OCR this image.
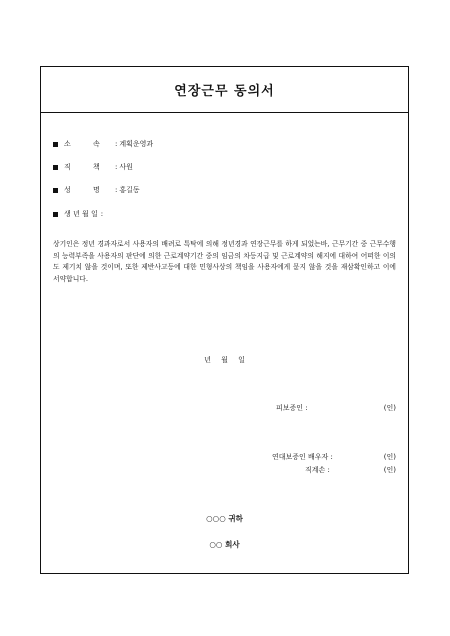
연장근무 동의서
소          속	: 계획운영과
직          책	: 사원
성          명	: 홍길동
생 년 월 일 :
상기인은 정년 경과자로서 사용자의 배려로 특탁에 의해 정년경과 연장근무를 하게 되었는바, 근무기간 중 근무수행의 능력부족을 사용자의 판단에 의한 근로계약기간 중의 임금의 차등지급 및 근로계약의 해지에 대하여 어떠한 이의도 제기치 않을 것이며, 또한 제반사고등에 대한 민형사상의 책임을 사용자에게 묻지 않을 것을 재삼확인하고 이에 서약합니다.
년 월 일
피보증인 :	(인)
연대보증인 배우자 :	(인)
직계손 :	(인)
○○○ 귀하
○○ 회사
